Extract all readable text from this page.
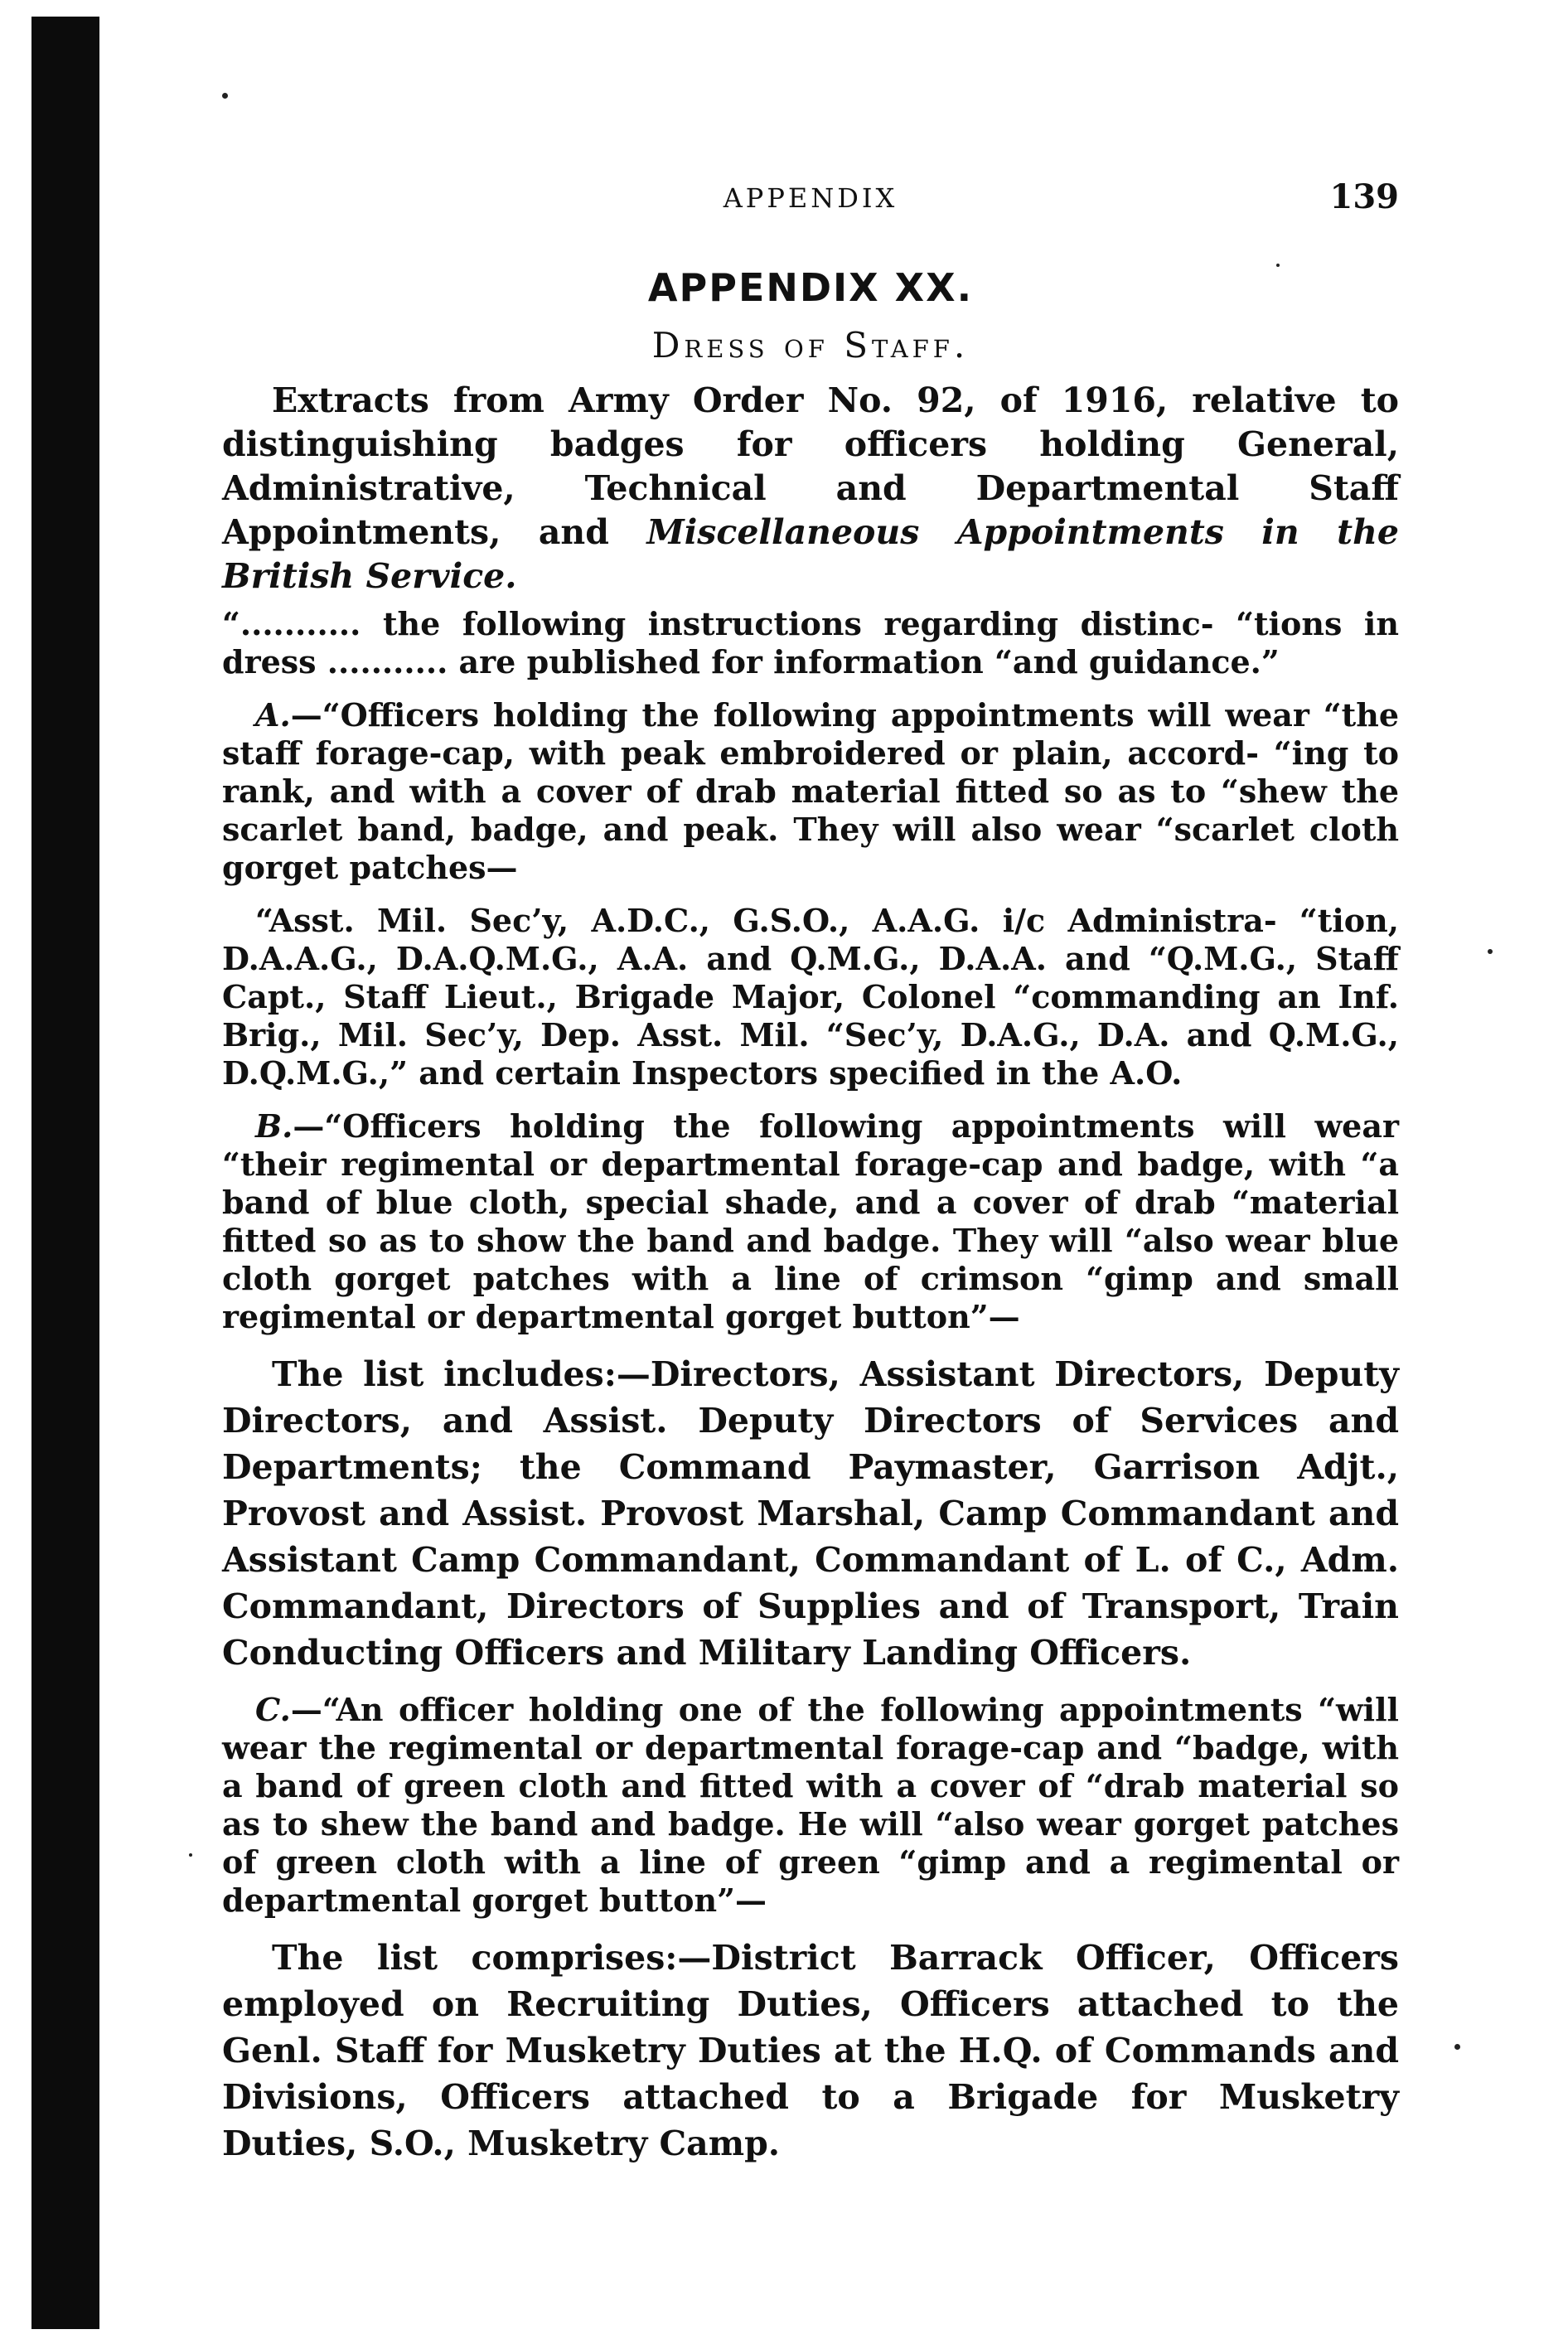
APPENDIX	139
APPENDIX XX.
Dress of Staff.

Extracts from Army Order No. 92, of 1916, relative to distinguishing badges for officers holding General, Administrative, Technical and Departmental Staff Appointments, and Miscellaneous Appointments in the British Service.

“........... the following instructions regarding distinc- “tions in dress ........... are published for information “and guidance.”

A.—“Officers holding the following appointments will wear “the staff forage-cap, with peak embroidered or plain, accord- “ing to rank, and with a cover of drab material fitted so as to “shew the scarlet band, badge, and peak. They will also wear “scarlet cloth gorget patches—

“Asst. Mil. Sec’y, A.D.C., G.S.O., A.A.G. i/c Administra- “tion, D.A.A.G., D.A.Q.M.G., A.A. and Q.M.G., D.A.A. and “Q.M.G., Staff Capt., Staff Lieut., Brigade Major, Colonel “commanding an Inf. Brig., Mil. Sec’y, Dep. Asst. Mil. “Sec’y, D.A.G., D.A. and Q.M.G., D.Q.M.G.,” and certain Inspectors specified in the A.O.

B.—“Officers holding the following appointments will wear “their regimental or departmental forage-cap and badge, with “a band of blue cloth, special shade, and a cover of drab “material fitted so as to show the band and badge. They will “also wear blue cloth gorget patches with a line of crimson “gimp and small regimental or departmental gorget button”—

The list includes:—Directors, Assistant Directors, Deputy Directors, and Assist. Deputy Directors of Services and Departments; the Command Paymaster, Garrison Adjt., Provost and Assist. Provost Marshal, Camp Commandant and Assistant Camp Commandant, Commandant of L. of C., Adm. Commandant, Directors of Supplies and of Transport, Train Conducting Officers and Military Landing Officers.

C.—“An officer holding one of the following appointments “will wear the regimental or departmental forage-cap and “badge, with a band of green cloth and fitted with a cover of “drab material so as to shew the band and badge. He will “also wear gorget patches of green cloth with a line of green “gimp and a regimental or departmental gorget button”—

The list comprises:—District Barrack Officer, Officers employed on Recruiting Duties, Officers attached to the Genl. Staff for Musketry Duties at the H.Q. of Commands and Divisions, Officers attached to a Brigade for Musketry Duties, S.O., Musketry Camp.
